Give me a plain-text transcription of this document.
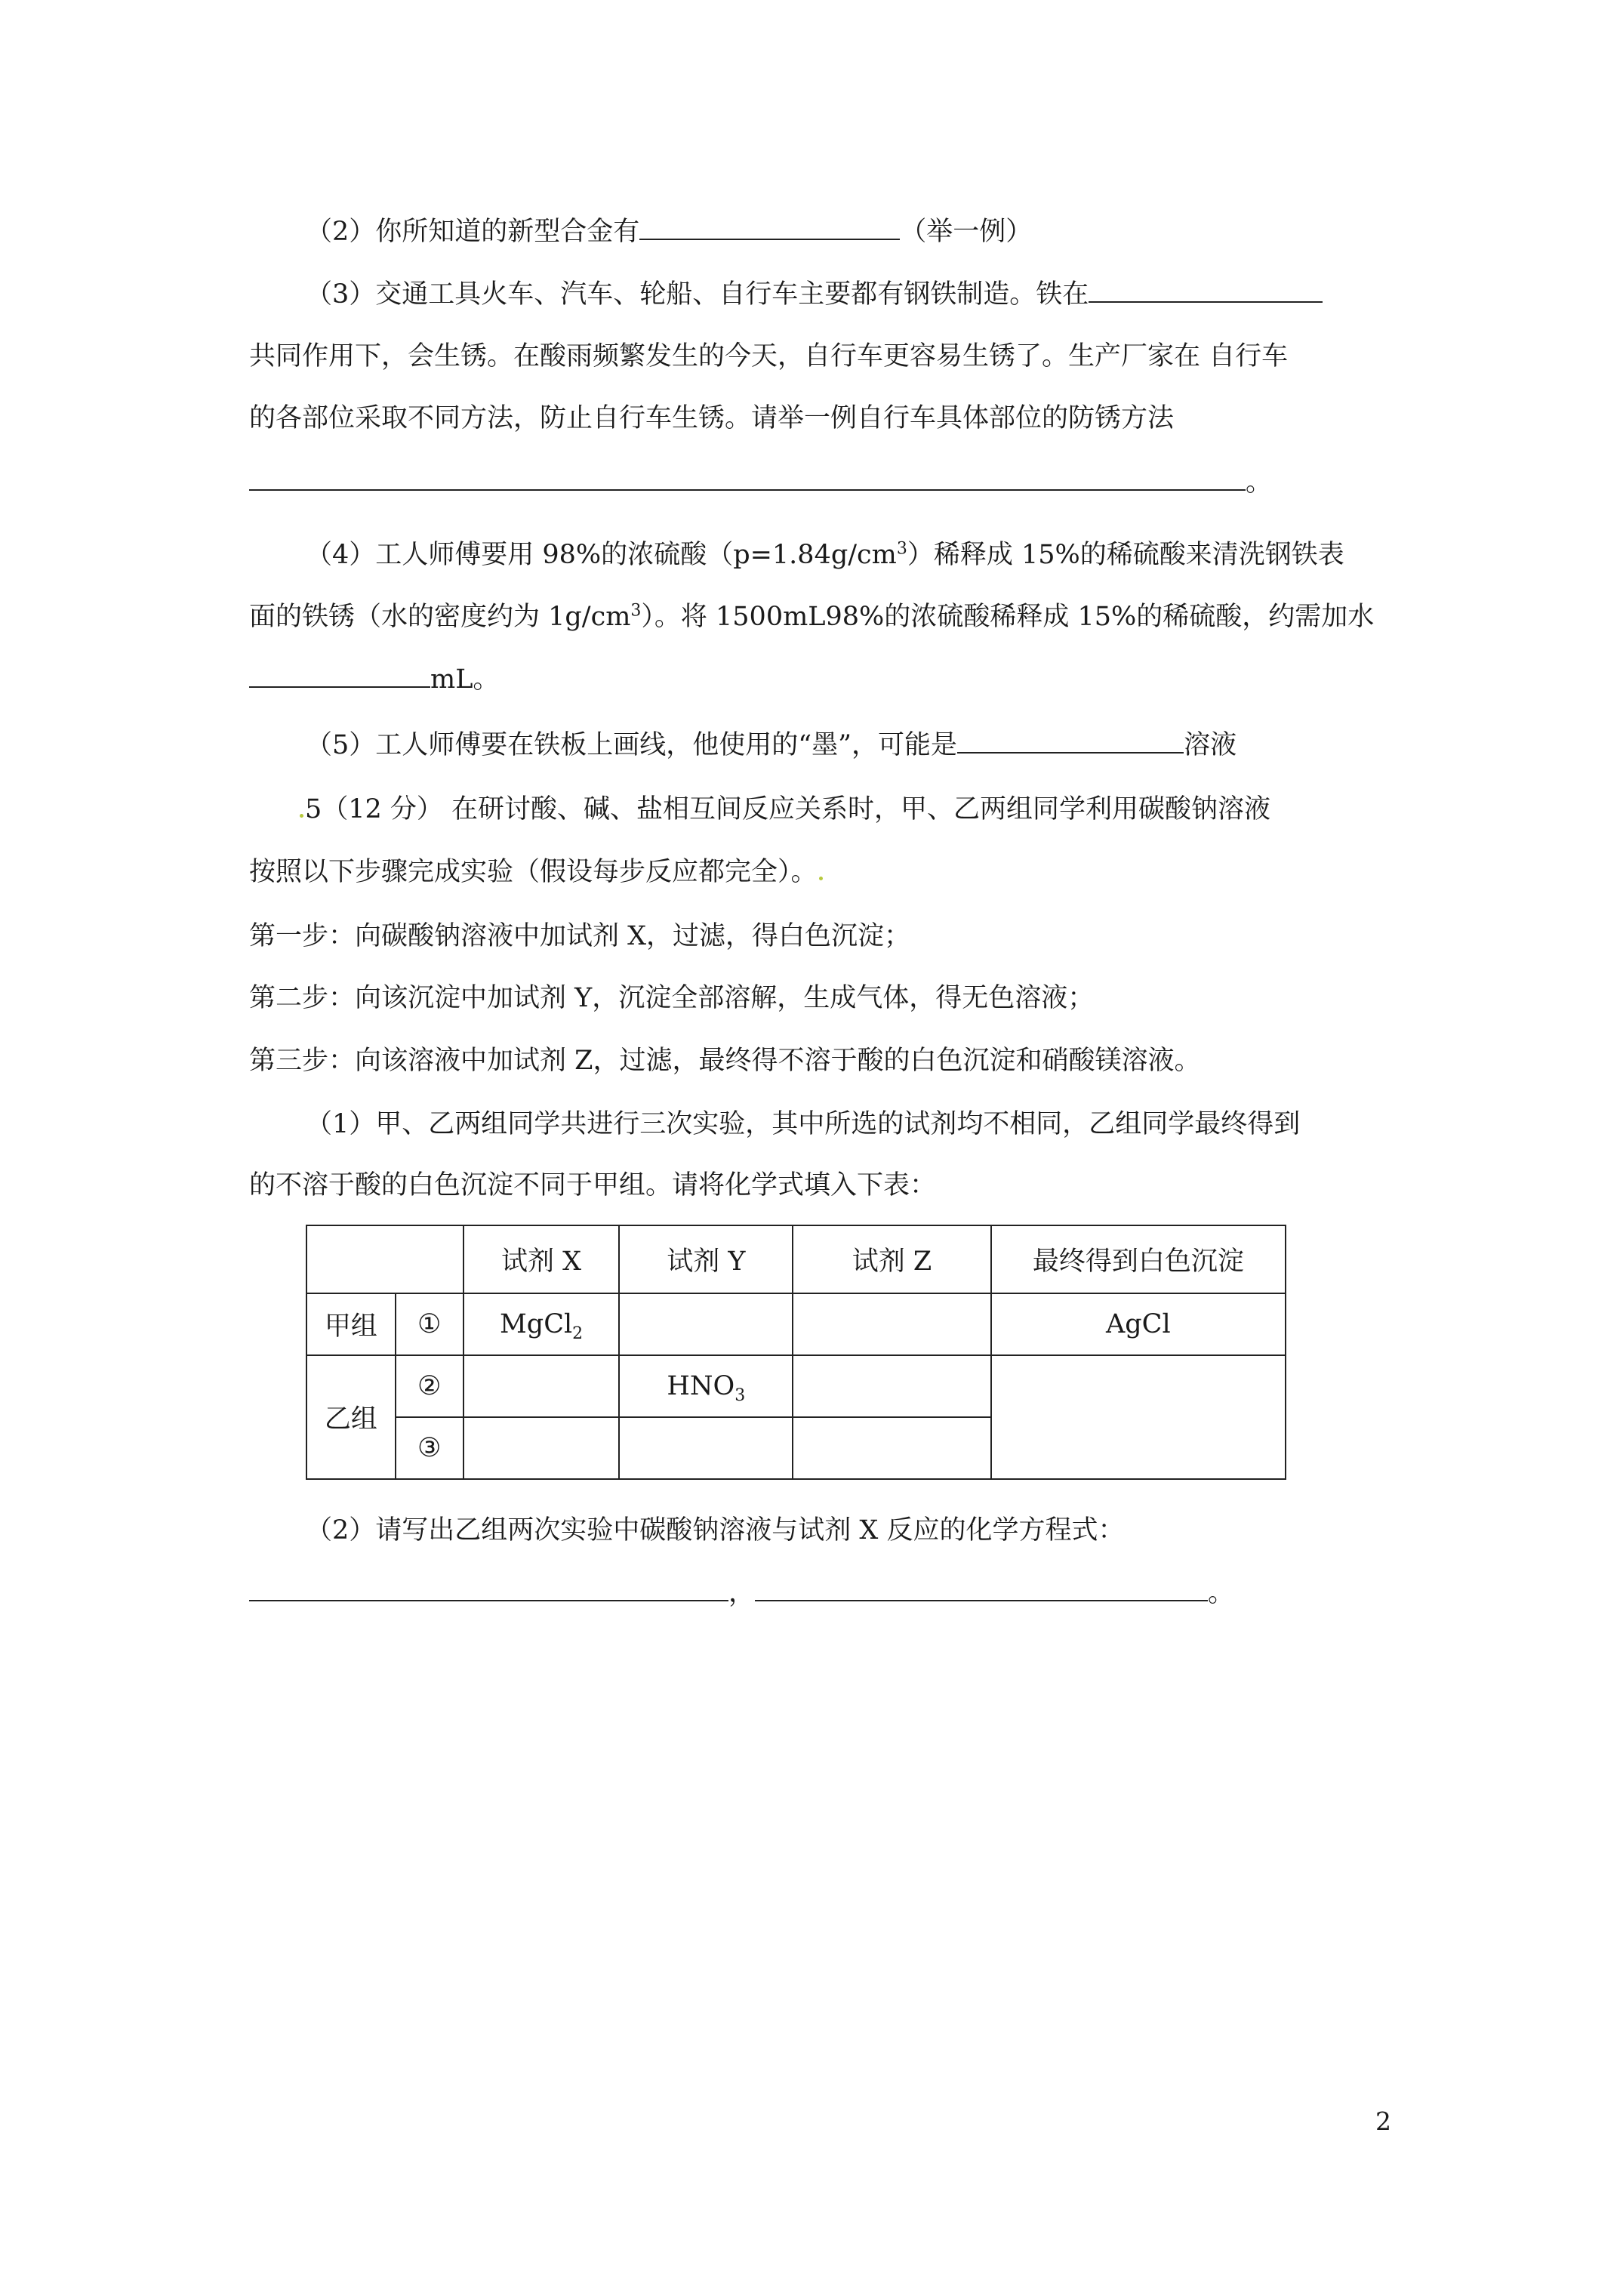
（2）你所知道的新型合金有	（举一例）
（3）交通工具火车、汽车、轮船、自行车主要都有钢铁制造。铁在
共同作用下，会生锈。在酸雨频繁发生的今天，自行车更容易生锈了。生产厂家在 自行车
的各部位采取不同方法，防止自行车生锈。请举一例自行车具体部位的防锈方法
。
（4）工人师傅要用 98%的浓硫酸$(p=1.84g/cm^3)$稀释成 15%的稀硫酸来清洗钢铁表
面的铁锈（水的密度约为 $1g/cm^3$）。将 1500mL98%的浓硫酸稀释成 15%的稀硫酸，约需加水
mL。
（5）工人师傅要在铁板上画线，他使用的“墨”，可能是	溶液
5（12 分） 在研讨酸、碱、盐相互间反应关系时，甲、乙两组同学利用碳酸钠溶液
按照以下步骤完成实验（假设每步反应都完全）。
第一步：向碳酸钠溶液中加试剂 X，过滤，得白色沉淀；
第二步：向该沉淀中加试剂 Y，沉淀全部溶解，生成气体，得无色溶液；
第三步：向该溶液中加试剂 Z，过滤，最终得不溶于酸的白色沉淀和硝酸镁溶液。
（1）甲、乙两组同学共进行三次实验，其中所选的试剂均不相同，乙组同学最终得到
的不溶于酸的白色沉淀不同于甲组。请将化学式填入下表：
		试剂 X	试剂 Y	试剂 Z	最终得到白色沉淀
甲组	①	MgCl$_2$			AgCl
乙组	②		$HNO_3$		
	③				
（2）请写出乙组两次实验中碳酸钠溶液与试剂 X 反应的化学方程式：
，	。
2
